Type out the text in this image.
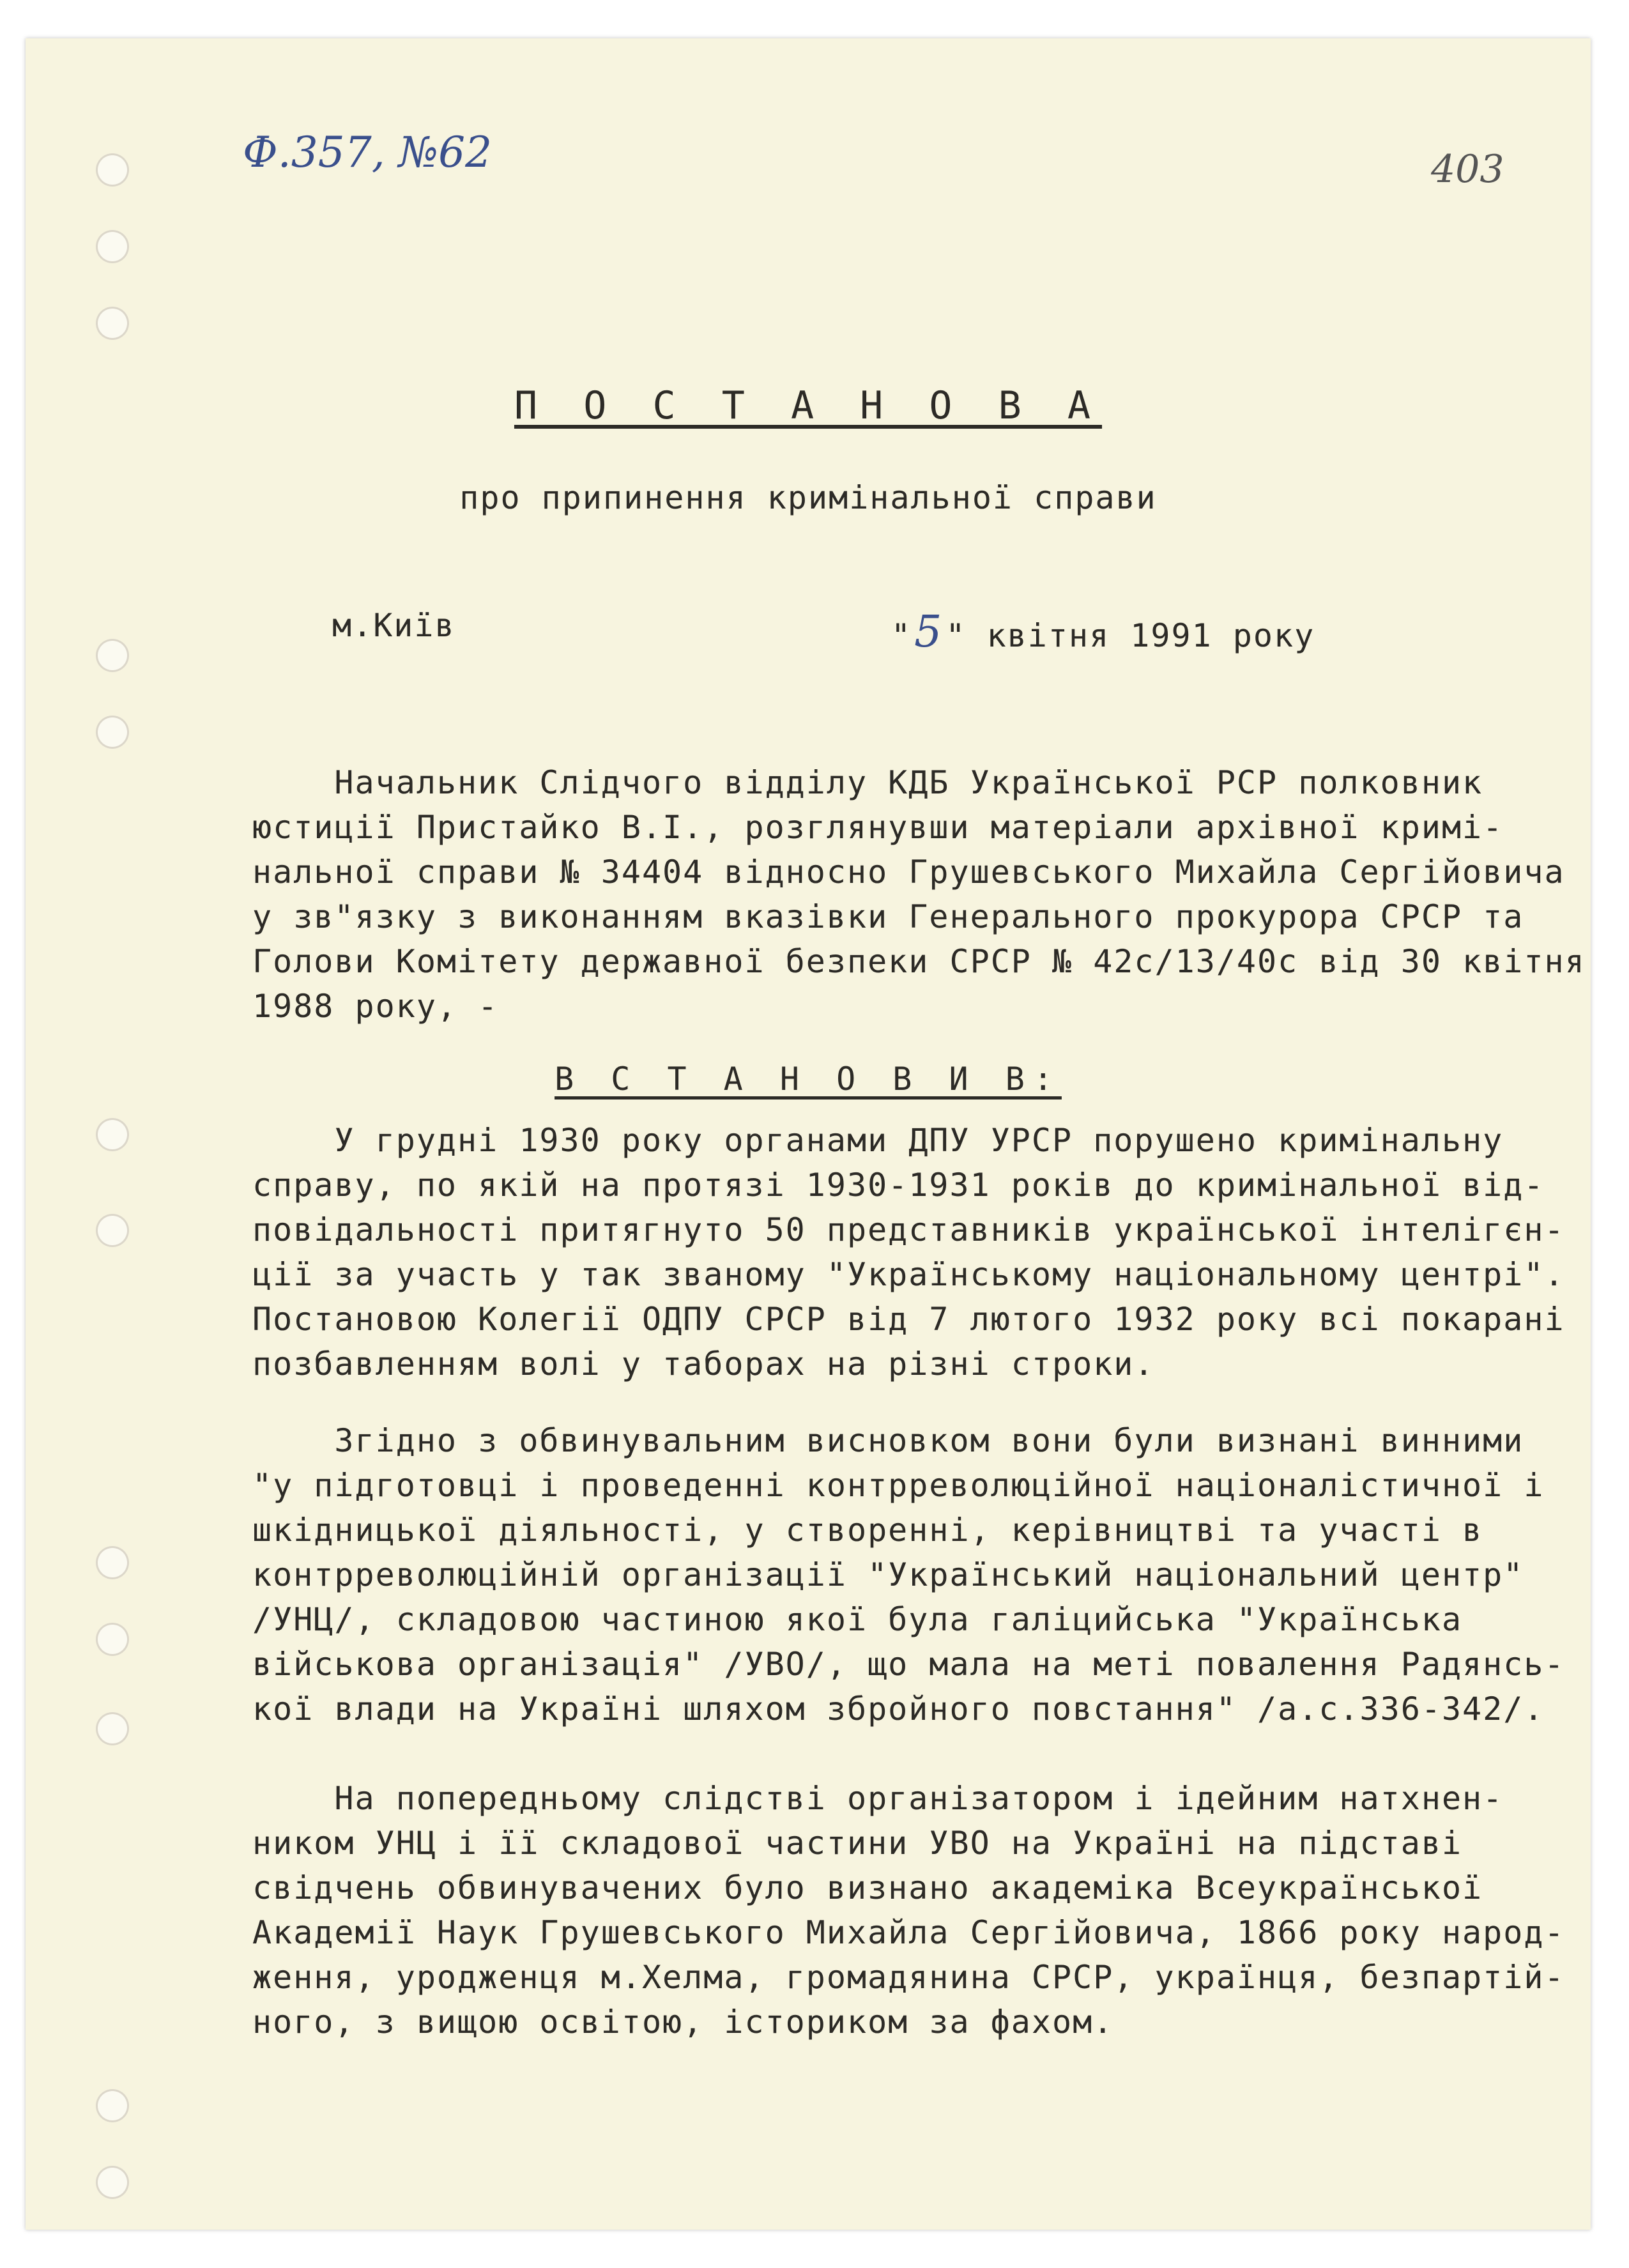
Ф.357, №62	403
П О С Т А Н О В А
про припинення кримінальної справи
м.Київ	"5" квітня 1991 року
Начальник Слідчого відділу КДБ Української РСР полковник
юстиції Пристайко В.І., розглянувши матеріали архівної кримі-
нальної справи № 34404 відносно Грушевського Михайла Сергійовича
у зв"язку з виконанням вказівки Генерального прокурора СРСР та
Голови Комітету державної безпеки СРСР № 42с/13/40с від 30 квітня
1988 року, -
В С Т А Н О В И В:
У грудні 1930 року органами ДПУ УРСР порушено кримінальну
справу, по якій на протязі 1930-1931 років до кримінальної від-
повідальності притягнуто 50 представників української інтелігєн-
ції за участь у так званому "Українському національному центрі".
Постановою Колегії ОДПУ СРСР від 7 лютого 1932 року всі покарані
позбавленням волі у таборах на різні строки.
Згідно з обвинувальним висновком вони були визнані винними
"у підготовці і проведенні контрреволюційної націоналістичної і
шкідницької діяльності, у створенні, керівництві та участі в
контрреволюційній організації "Український національний центр"
/УНЦ/, складовою частиною якої була галіцийська "Українська
військова організація" /УВО/, що мала на меті повалення Радянсь-
кої влади на Україні шляхом збройного повстання" /а.с.336-342/.
На попередньому слідстві організатором і ідейним натхнен-
ником УНЦ і її складової частини УВО на Україні на підставі
свідчень обвинувачених було визнано академіка Всеукраїнської
Академії Наук Грушевського Михайла Сергійовича, 1866 року народ-
ження, уродженця м.Хелма, громадянина СРСР, українця, безпартій-
ного, з вищою освітою, істориком за фахом.
